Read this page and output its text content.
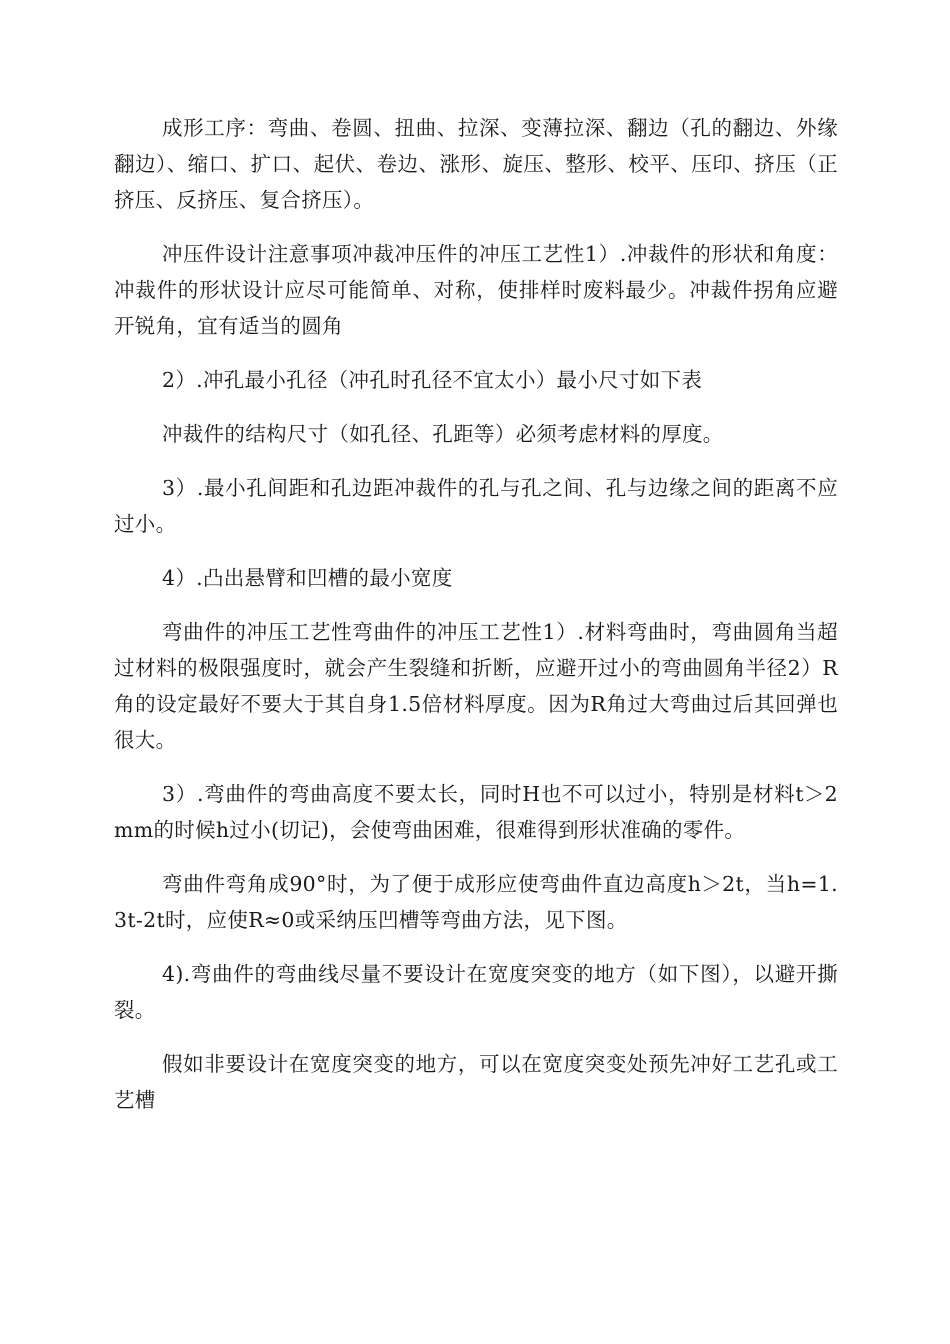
成形工序：弯曲、卷圆、扭曲、拉深、变薄拉深、翻边（孔的翻边、外缘翻边）、缩口、扩口、起伏、卷边、涨形、旋压、整形、校平、压印、挤压（正挤压、反挤压、复合挤压）。

冲压件设计注意事项冲裁冲压件的冲压工艺性1）.冲裁件的形状和角度：冲裁件的形状设计应尽可能简单、对称，使排样时废料最少。冲裁件拐角应避开锐角，宜有适当的圆角

2）.冲孔最小孔径（冲孔时孔径不宜太小）最小尺寸如下表

冲裁件的结构尺寸（如孔径、孔距等）必须考虑材料的厚度。

3）.最小孔间距和孔边距冲裁件的孔与孔之间、孔与边缘之间的距离不应过小。

4）.凸出悬臂和凹槽的最小宽度

弯曲件的冲压工艺性弯曲件的冲压工艺性1）.材料弯曲时，弯曲圆角当超过材料的极限强度时，就会产生裂缝和折断，应避开过小的弯曲圆角半径2）R角的设定最好不要大于其自身1.5倍材料厚度。因为R角过大弯曲过后其回弹也很大。

3）.弯曲件的弯曲高度不要太长，同时H也不可以过小，特别是材料t＞2mm的时候h过小(切记)，会使弯曲困难，很难得到形状准确的零件。

弯曲件弯角成90°时，为了便于成形应使弯曲件直边高度h＞2t，当h=1.3t-2t时，应使R≈0或采纳压凹槽等弯曲方法，见下图。

4).弯曲件的弯曲线尽量不要设计在宽度突变的地方（如下图），以避开撕裂。

假如非要设计在宽度突变的地方，可以在宽度突变处预先冲好工艺孔或工艺槽
